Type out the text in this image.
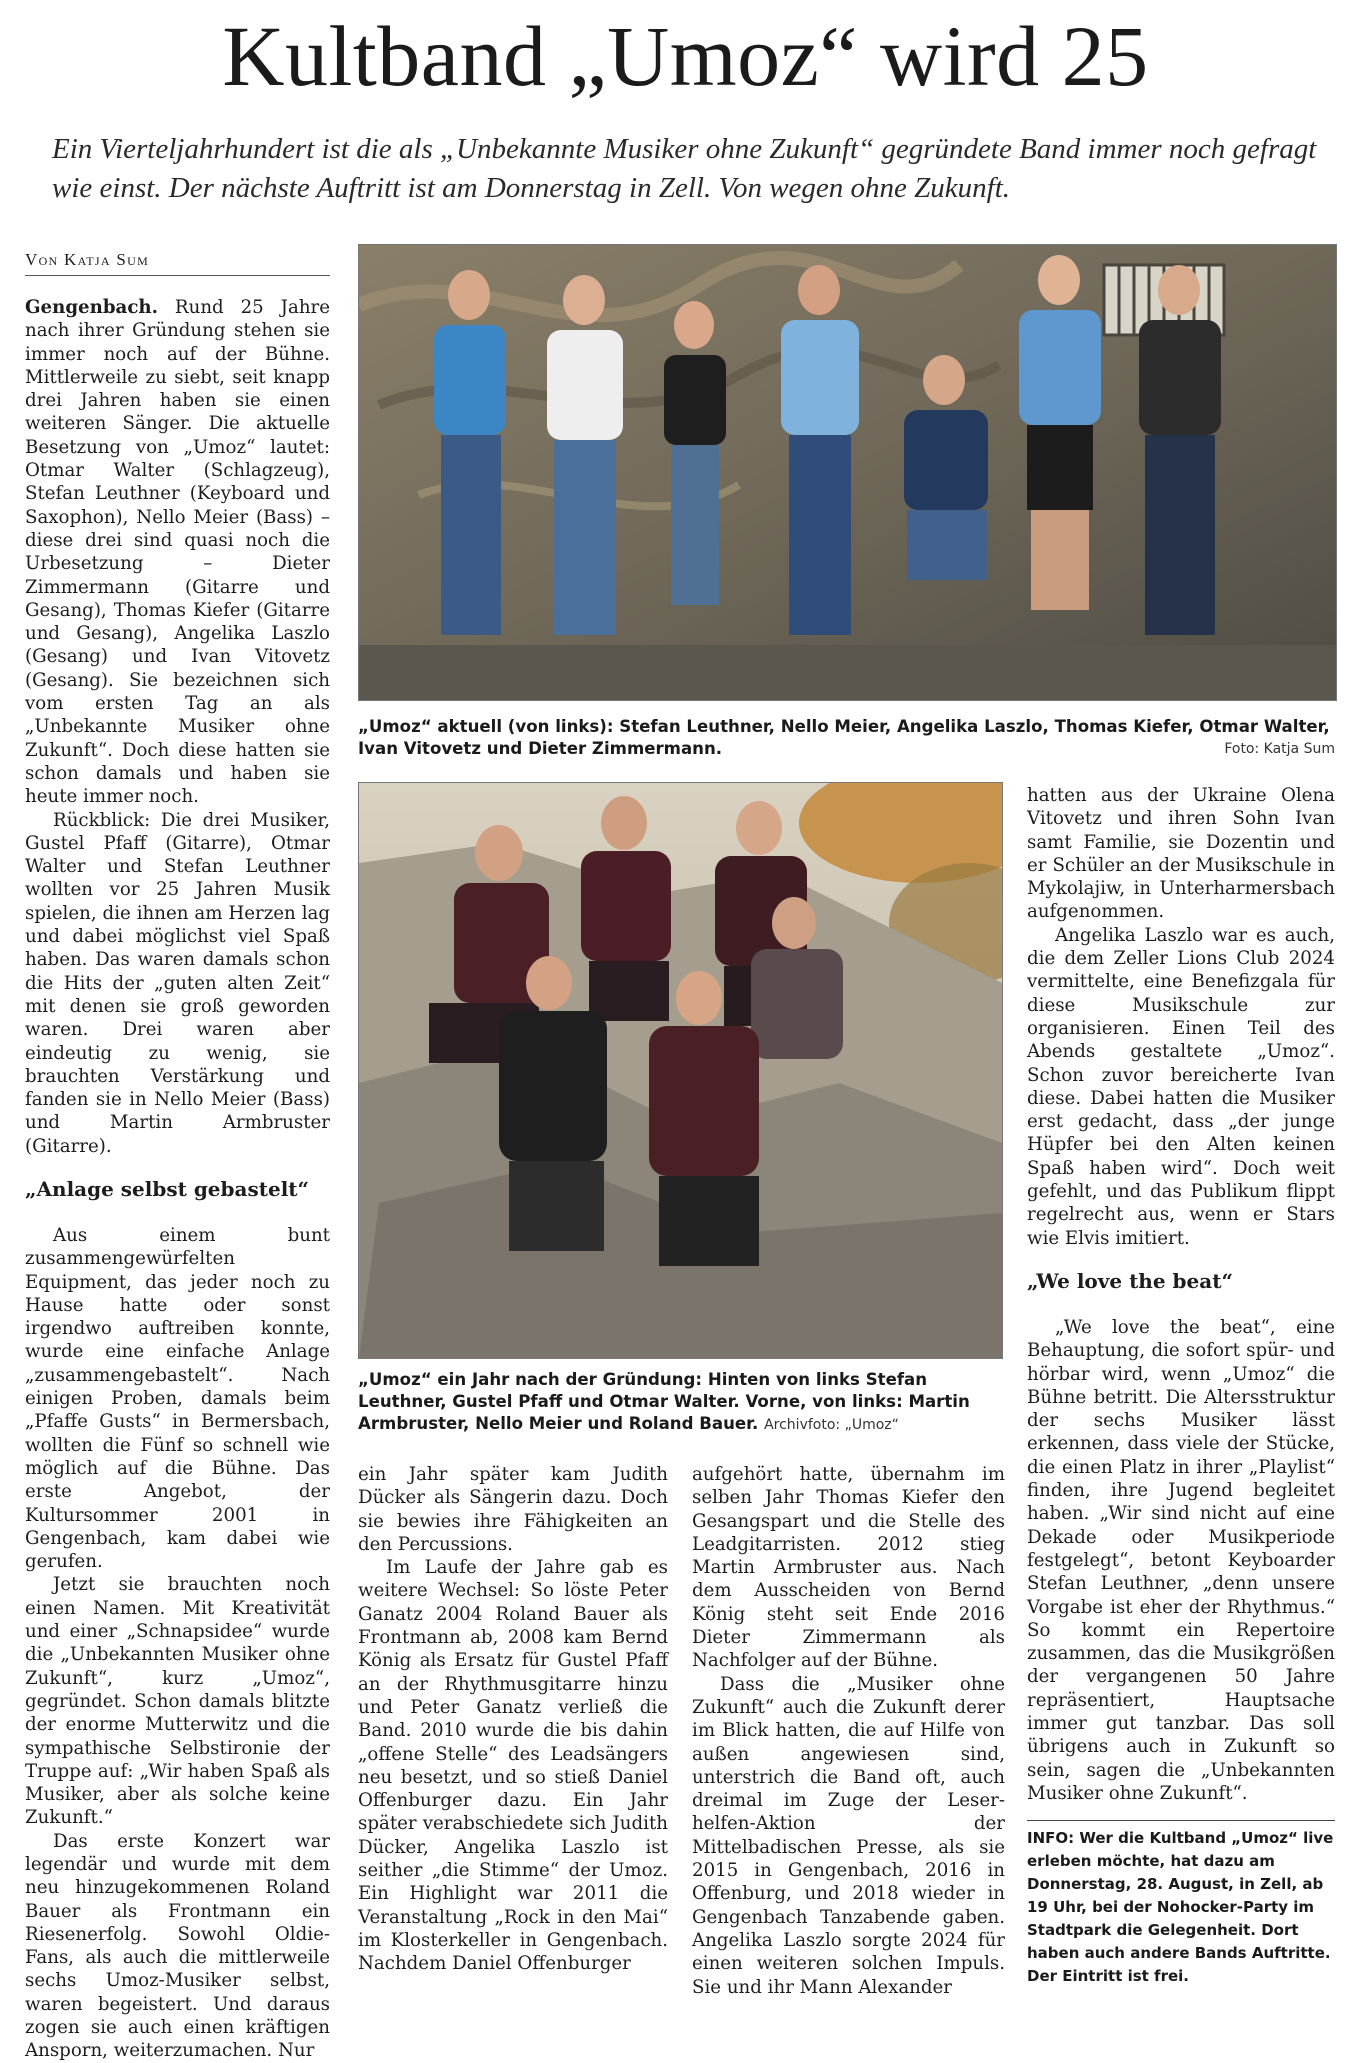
Kultband „Umoz“ wird 25
Ein Vierteljahrhundert ist die als „Unbekannte Musiker ohne Zukunft“ gegründete Band immer noch gefragt wie einst. Der nächste Auftritt ist am Donnerstag in Zell. Von wegen ohne Zukunft.
Von Katja Sum

Gengenbach. Rund 25 Jahre nach ihrer Gründung stehen sie immer noch auf der Bühne. Mittlerweile zu siebt, seit knapp drei Jahren haben sie einen weiteren Sänger. Die aktuelle Besetzung von „Umoz“ lautet: Otmar Walter (Schlagzeug), Stefan Leuthner (Keyboard und Saxophon), Nello Meier (Bass) – diese drei sind quasi noch die Urbesetzung – Dieter Zimmermann (Gitarre und Gesang), Thomas Kiefer (Gitarre und Gesang), Angelika Laszlo (Gesang) und Ivan Vitovetz (Gesang). Sie bezeichnen sich vom ersten Tag an als „Unbekannte Musiker ohne Zukunft“. Doch diese hatten sie schon damals und haben sie heute immer noch.

Rückblick: Die drei Musiker, Gustel Pfaff (Gitarre), Otmar Walter und Stefan Leuthner wollten vor 25 Jahren Musik spielen, die ihnen am Herzen lag und dabei möglichst viel Spaß haben. Das waren damals schon die Hits der „guten alten Zeit“ mit denen sie groß geworden waren. Drei waren aber eindeutig zu wenig, sie brauchten Verstärkung und fanden sie in Nello Meier (Bass) und Martin Armbruster (Gitarre).

„Anlage selbst gebastelt“

Aus einem bunt zusammengewürfelten Equipment, das jeder noch zu Hause hatte oder sonst irgendwo auftreiben konnte, wurde eine einfache Anlage „zusammengebastelt“. Nach einigen Proben, damals beim „Pfaffe Gusts“ in Bermersbach, wollten die Fünf so schnell wie möglich auf die Bühne. Das erste Angebot, der Kultursommer 2001 in Gengenbach, kam dabei wie gerufen.

Jetzt sie brauchten noch einen Namen. Mit Kreativität und einer „Schnapsidee“ wurde die „Unbekannten Musiker ohne Zukunft“, kurz „Umoz“, gegründet. Schon damals blitzte der enorme Mutterwitz und die sympathische Selbstironie der Truppe auf: „Wir haben Spaß als Musiker, aber als solche keine Zukunft.“

Das erste Konzert war legendär und wurde mit dem neu hinzugekommenen Roland Bauer als Frontmann ein Riesenerfolg. Sowohl Oldie-Fans, als auch die mittlerweile sechs Umoz-Musiker selbst, waren begeistert. Und daraus zogen sie auch einen kräftigen Ansporn, weiterzumachen. Nur

ein Jahr später kam Judith Dücker als Sängerin dazu. Doch sie bewies ihre Fähigkeiten an den Percussions.

Im Laufe der Jahre gab es weitere Wechsel: So löste Peter Ganatz 2004 Roland Bauer als Frontmann ab, 2008 kam Bernd König als Ersatz für Gustel Pfaff an der Rhythmusgitarre hinzu und Peter Ganatz verließ die Band. 2010 wurde die bis dahin „offene Stelle“ des Leadsängers neu besetzt, und so stieß Daniel Offenburger dazu. Ein Jahr später verabschiedete sich Judith Dücker, Angelika Laszlo ist seither „die Stimme“ der Umoz. Ein Highlight war 2011 die Veranstaltung „Rock in den Mai“ im Klosterkeller in Gengenbach. Nachdem Daniel Offenburger

aufgehört hatte, übernahm im selben Jahr Thomas Kiefer den Gesangspart und die Stelle des Leadgitarristen. 2012 stieg Martin Armbruster aus. Nach dem Ausscheiden von Bernd König steht seit Ende 2016 Dieter Zimmermann als Nachfolger auf der Bühne.

Dass die „Musiker ohne Zukunft“ auch die Zukunft derer im Blick hatten, die auf Hilfe von außen angewiesen sind, unterstrich die Band oft, auch dreimal im Zuge der Leser-helfen-Aktion der Mittelbadischen Presse, als sie 2015 in Gengenbach, 2016 in Offenburg, und 2018 wieder in Gengenbach Tanzabende gaben. Angelika Laszlo sorgte 2024 für einen weiteren solchen Impuls. Sie und ihr Mann Alexander

hatten aus der Ukraine Olena Vitovetz und ihren Sohn Ivan samt Familie, sie Dozentin und er Schüler an der Musikschule in Mykolajiw, in Unterharmersbach aufgenommen.

Angelika Laszlo war es auch, die dem Zeller Lions Club 2024 vermittelte, eine Benefizgala für diese Musikschule zur organisieren. Einen Teil des Abends gestaltete „Umoz“. Schon zuvor bereicherte Ivan diese. Dabei hatten die Musiker erst gedacht, dass „der junge Hüpfer bei den Alten keinen Spaß haben wird“. Doch weit gefehlt, und das Publikum flippt regelrecht aus, wenn er Stars wie Elvis imitiert.

„We love the beat“

„We love the beat“, eine Behauptung, die sofort spür- und hörbar wird, wenn „Umoz“ die Bühne betritt. Die Altersstruktur der sechs Musiker lässt erkennen, dass viele der Stücke, die einen Platz in ihrer „Playlist“ finden, ihre Jugend begleitet haben. „Wir sind nicht auf eine Dekade oder Musikperiode festgelegt“, betont Keyboarder Stefan Leuthner, „denn unsere Vorgabe ist eher der Rhythmus.“ So kommt ein Repertoire zusammen, das die Musikgrößen der vergangenen 50 Jahre repräsentiert, Hauptsache immer gut tanzbar. Das soll übrigens auch in Zukunft so sein, sagen die „Unbekannten Musiker ohne Zukunft“.

„Umoz“ aktuell (von links): Stefan Leuthner, Nello Meier, Angelika Laszlo, Thomas Kiefer, Otmar Walter, Ivan Vitovetz und Dieter Zimmermann.	Foto: Katja Sum
„Umoz“ ein Jahr nach der Gründung: Hinten von links Stefan Leuthner, Gustel Pfaff und Otmar Walter. Vorne, von links: Martin Armbruster, Nello Meier und Roland Bauer. Archivfoto: „Umoz“
INFO: Wer die Kultband „Umoz“ live erleben möchte, hat dazu am Donnerstag, 28. August, in Zell, ab 19 Uhr, bei der Nohocker-Party im Stadtpark die Gelegenheit. Dort haben auch andere Bands Auftritte. Der Eintritt ist frei.
